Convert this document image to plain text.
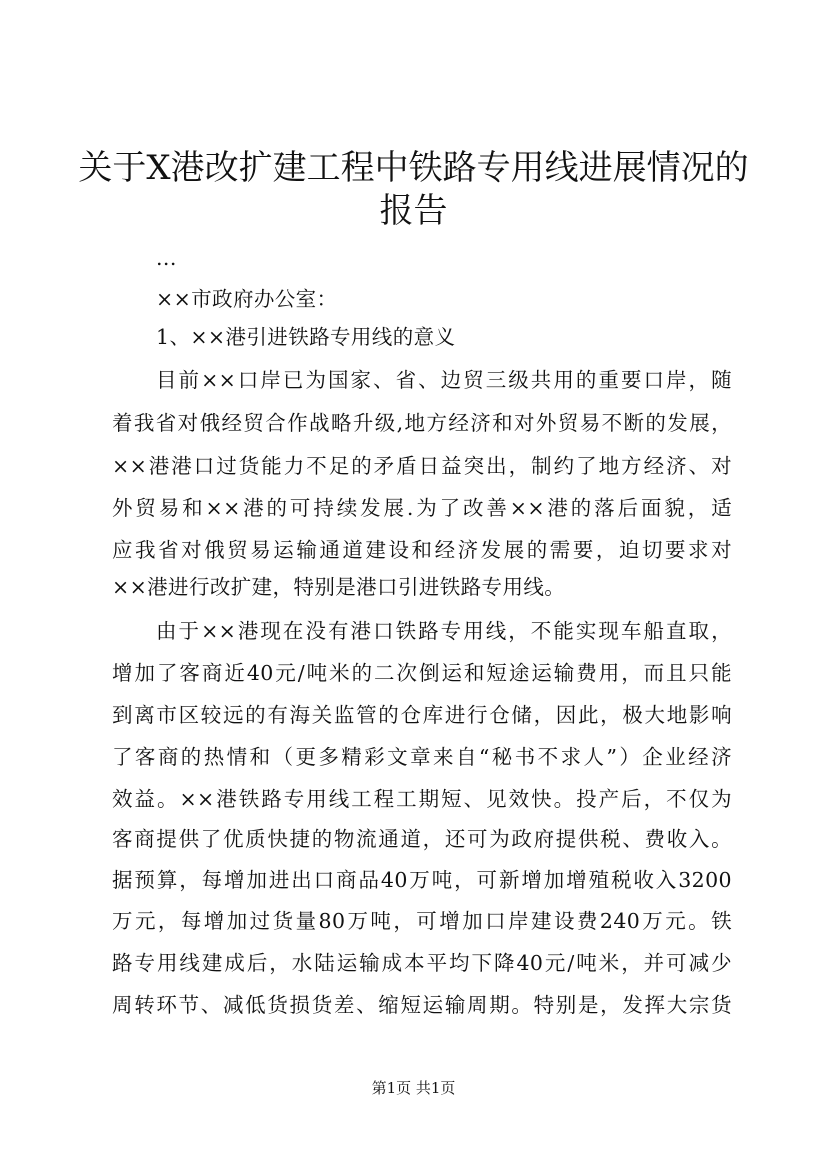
关于X港改扩建工程中铁路专用线进展情况的
报告

...

××市政府办公室：

1、××港引进铁路专用线的意义

目前××口岸已为国家、省、边贸三级共用的重要口岸，随

着我省对俄经贸合作战略升级,地方经济和对外贸易不断的发展，

××港港口过货能力不足的矛盾日益突出，制约了地方经济、对

外贸易和××港的可持续发展.为了改善××港的落后面貌，适

应我省对俄贸易运输通道建设和经济发展的需要，迫切要求对

××港进行改扩建，特别是港口引进铁路专用线。

由于××港现在没有港口铁路专用线，不能实现车船直取，

增加了客商近40元/吨米的二次倒运和短途运输费用，而且只能

到离市区较远的有海关监管的仓库进行仓储，因此，极大地影响

了客商的热情和（更多精彩文章来自“秘书不求人”）企业经济

效益。××港铁路专用线工程工期短、见效快。投产后，不仅为

客商提供了优质快捷的物流通道，还可为政府提供税、费收入。

据预算，每增加进出口商品40万吨，可新增加增殖税收入3200

万元，每增加过货量80万吨，可增加口岸建设费240万元。铁

路专用线建成后，水陆运输成本平均下降40元/吨米，并可减少

周转环节、减低货损货差、缩短运输周期。特别是，发挥大宗货

第1页 共1页
